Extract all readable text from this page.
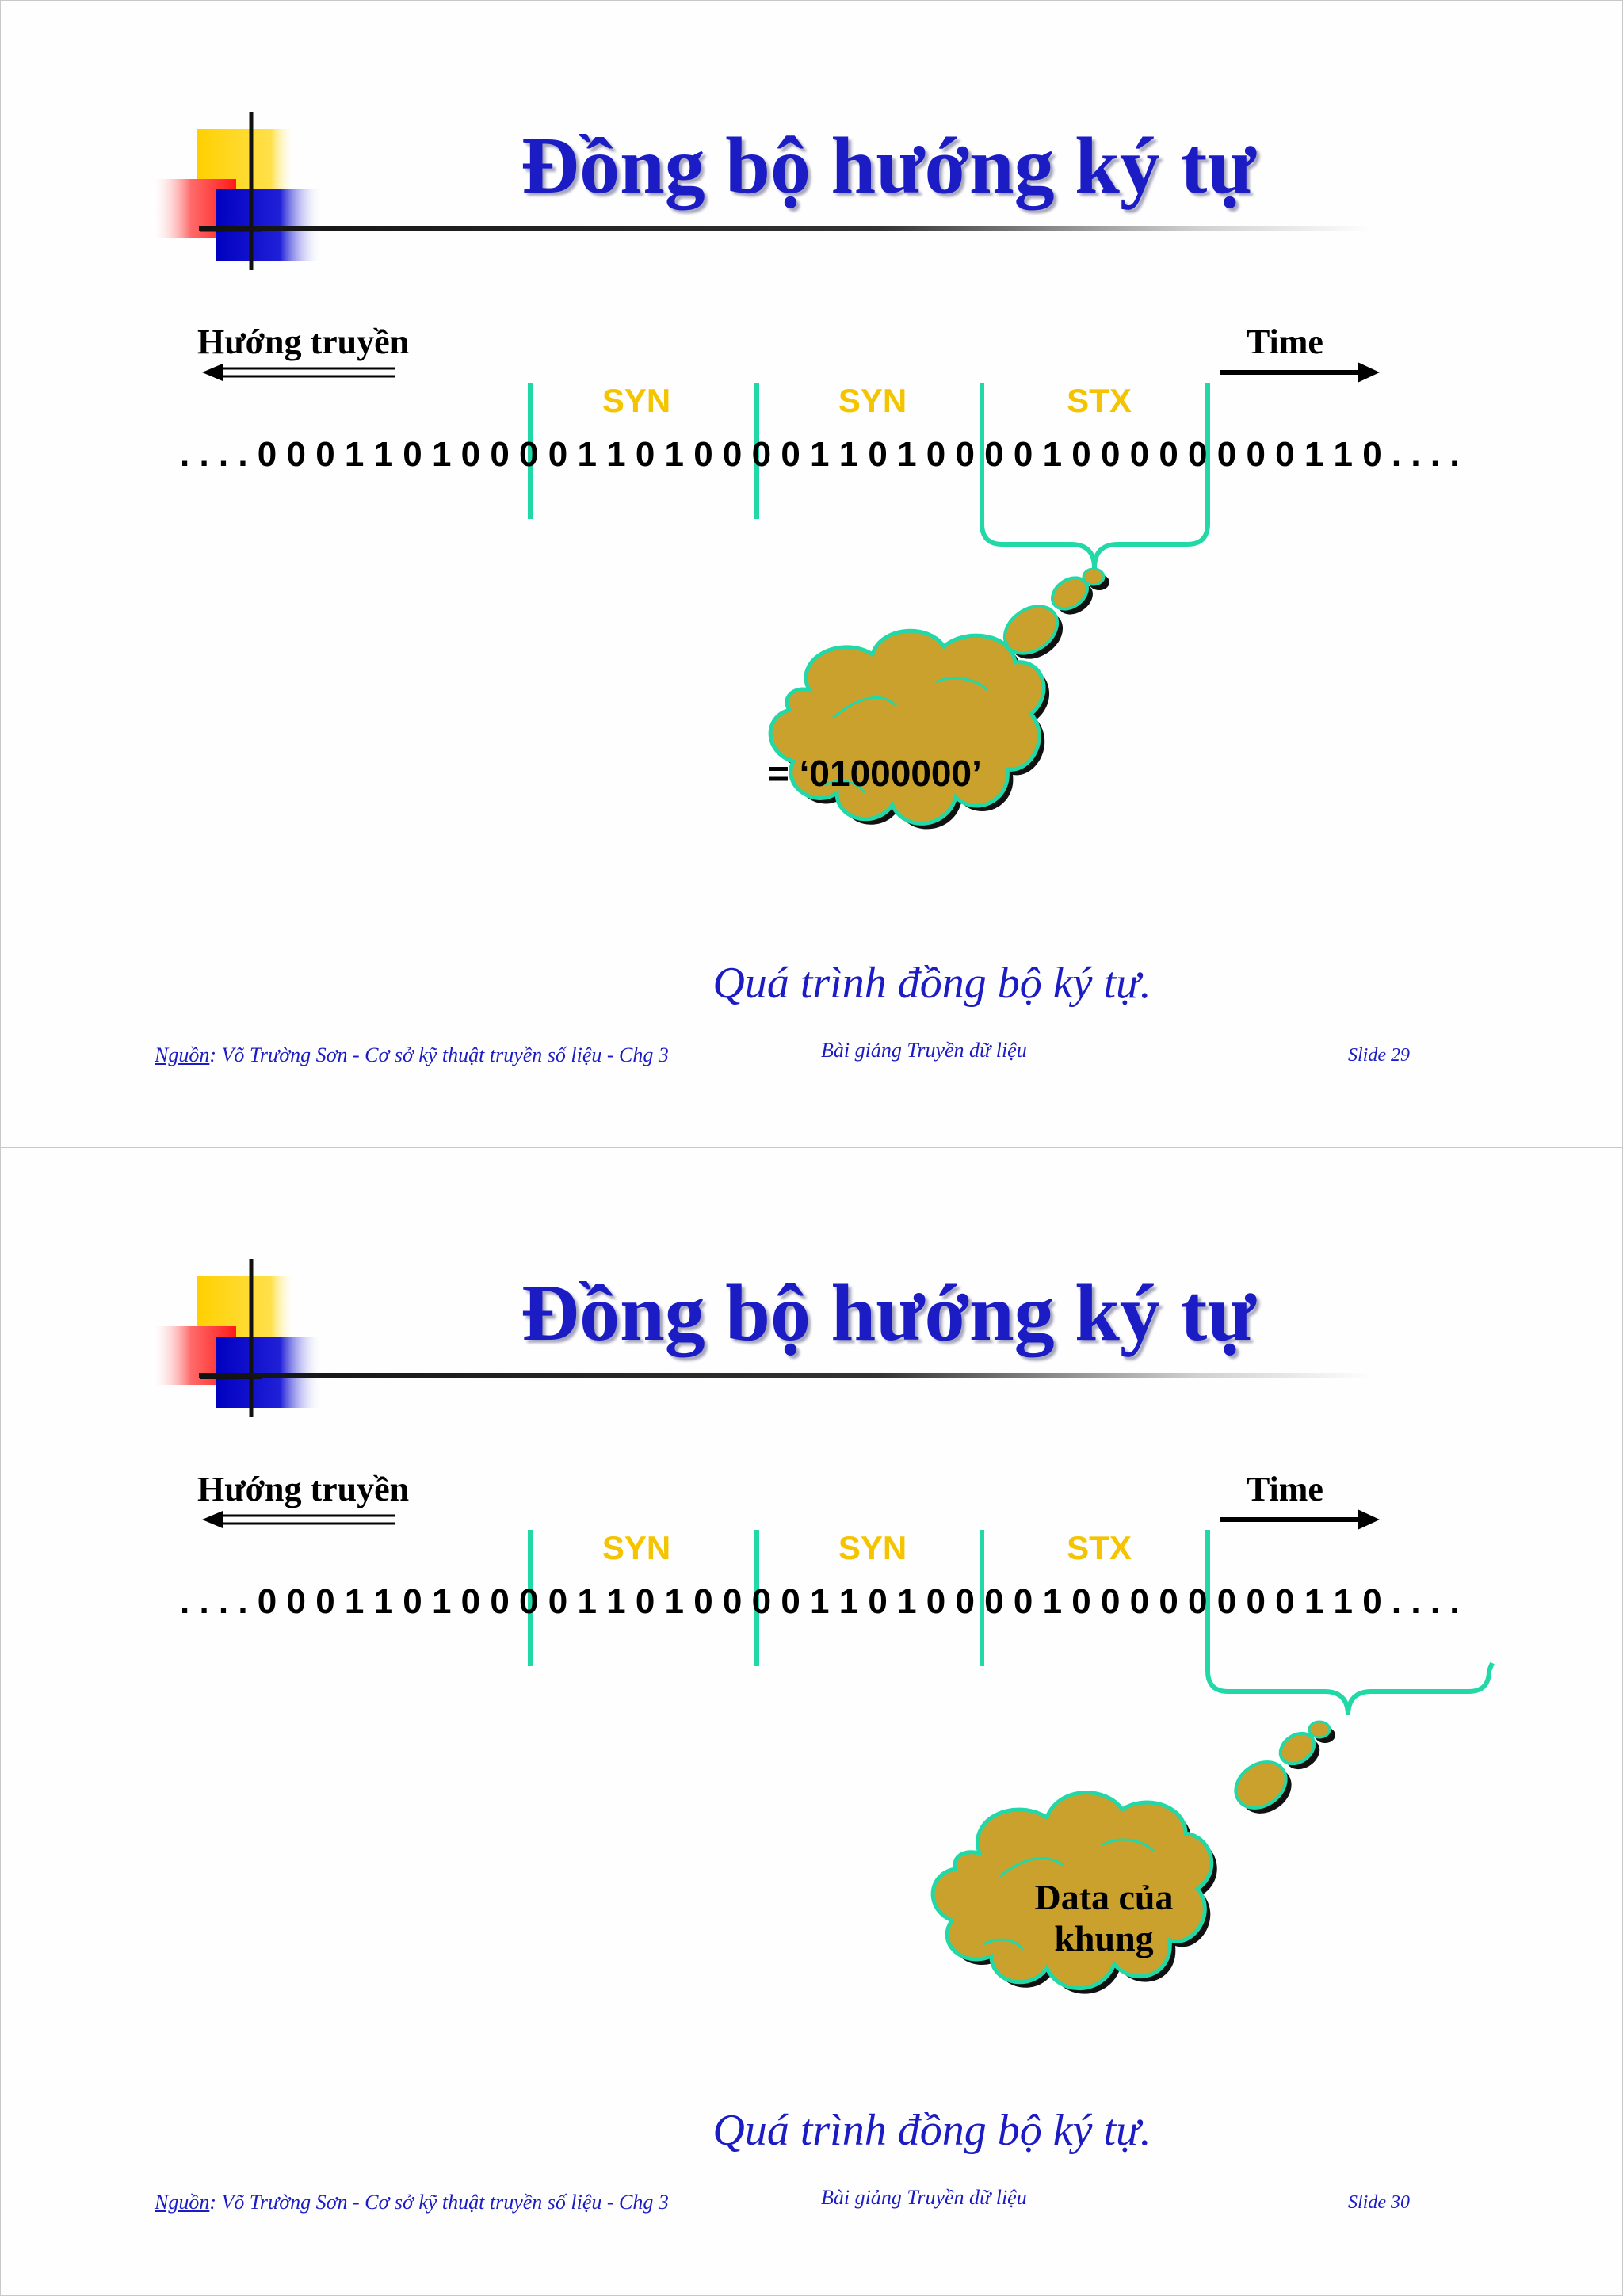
Đồng bộ hướng ký tự
Hướng truyền	Time
SYN	SYN	STX
. . . . 0 0 0 1 1 0 1 0 0 0 0 1 1 0 1 0 0 0 0 1 1 0 1 0 0 0 0 1 0 0 0 0 0 0 0 0 1 1 0 . . . .
= ‘01000000’
Quá trình đồng bộ ký tự.
Nguồn: Võ Trường Sơn - Cơ sở kỹ thuật truyền số liệu - Chg 3	Bài giảng Truyền dữ liệu	Slide 29
Đồng bộ hướng ký tự
Hướng truyền	Time
SYN	SYN	STX
. . . . 0 0 0 1 1 0 1 0 0 0 0 1 1 0 1 0 0 0 0 1 1 0 1 0 0 0 0 1 0 0 0 0 0 0 0 0 1 1 0 . . . .
Data của
khung
Quá trình đồng bộ ký tự.
Nguồn: Võ Trường Sơn - Cơ sở kỹ thuật truyền số liệu - Chg 3	Bài giảng Truyền dữ liệu	Slide 30
